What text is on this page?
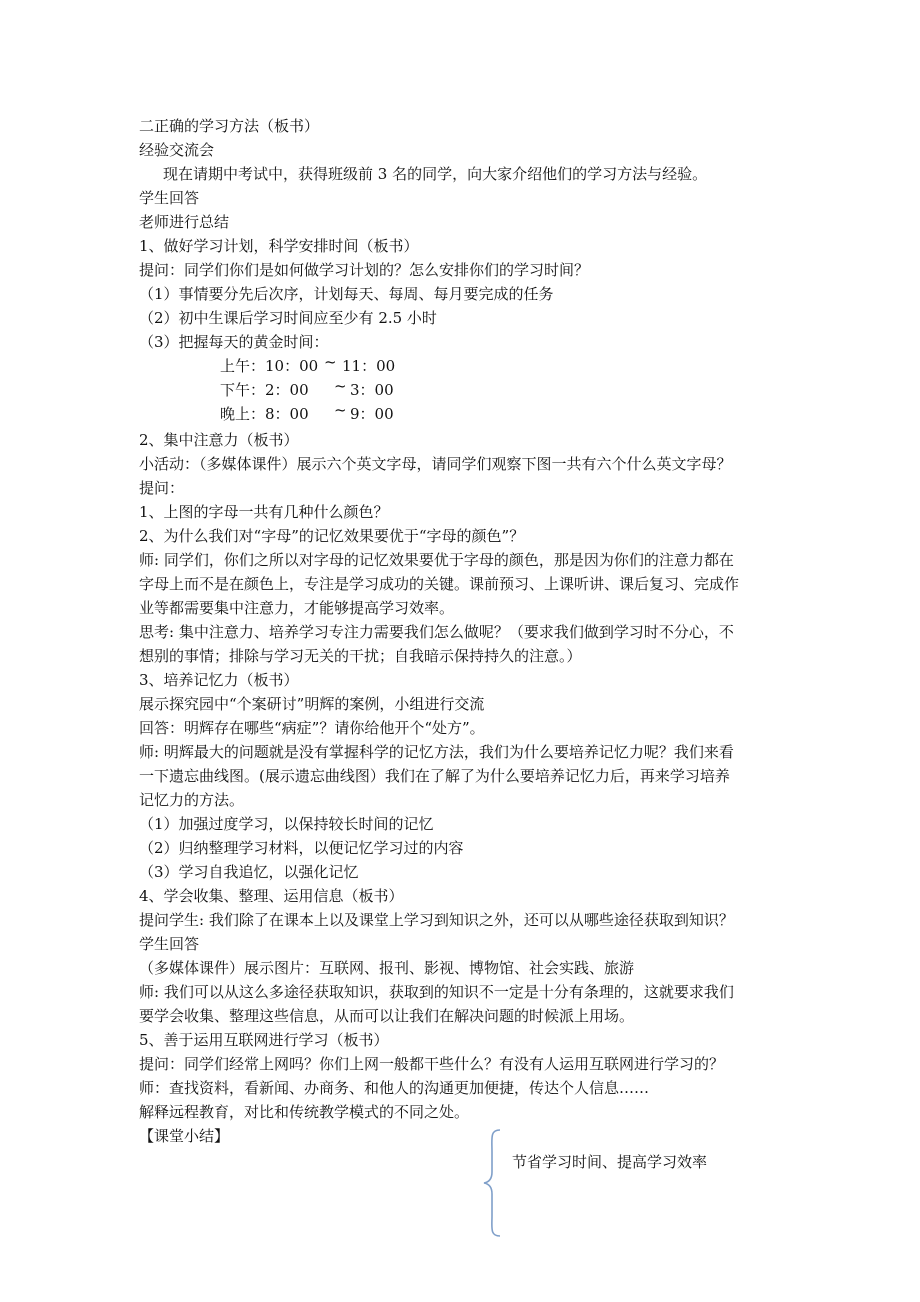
二正确的学习方法（板书）
经验交流会
现在请期中考试中，获得班级前 3 名的同学，向大家介绍他们的学习方法与经验。
学生回答
老师进行总结
1、做好学习计划，科学安排时间（板书）
提问：同学们你们是如何做学习计划的？怎么安排你们的学习时间？
（1）事情要分先后次序，计划每天、每周、每月要完成的任务
（2）初中生课后学习时间应至少有 2.5 小时
（3）把握每天的黄金时间：
2、集中注意力（板书）
小活动：（多媒体课件）展示六个英文字母，请同学们观察下图一共有六个什么英文字母？
提问：
1、上图的字母一共有几种什么颜色？
2、为什么我们对“字母”的记忆效果要优于“字母的颜色”？
师: 同学们，你们之所以对字母的记忆效果要优于字母的颜色，那是因为你们的注意力都在
字母上而不是在颜色上，专注是学习成功的关键。课前预习、上课听讲、课后复习、完成作
业等都需要集中注意力，才能够提高学习效率。
思考: 集中注意力、培养学习专注力需要我们怎么做呢？（要求我们做到学习时不分心，不
想别的事情；排除与学习无关的干扰；自我暗示保持持久的注意。）
3、培养记忆力（板书）
展示探究园中“个案研讨”明辉的案例，小组进行交流
回答：明辉存在哪些“病症”？请你给他开个“处方”。
师: 明辉最大的问题就是没有掌握科学的记忆方法，我们为什么要培养记忆力呢？我们来看
一下遗忘曲线图。(展示遗忘曲线图）我们在了解了为什么要培养记忆力后，再来学习培养
记忆力的方法。
（1）加强过度学习，以保持较长时间的记忆
（2）归纳整理学习材料，以便记忆学习过的内容
（3）学习自我追忆，以强化记忆
4、学会收集、整理、运用信息（板书）
提问学生: 我们除了在课本上以及课堂上学习到知识之外，还可以从哪些途径获取到知识？
学生回答
（多媒体课件）展示图片：互联网、报刊、影视、博物馆、社会实践、旅游
师: 我们可以从这么多途径获取知识，获取到的知识不一定是十分有条理的，这就要求我们
要学会收集、整理这些信息，从而可以让我们在解决问题的时候派上用场。
5、善于运用互联网进行学习（板书）
提问：同学们经常上网吗？你们上网一般都干些什么？有没有人运用互联网进行学习的？
师：查找资料，看新闻、办商务、和他人的沟通更加便捷，传达个人信息……
解释远程教育，对比和传统教学模式的不同之处。
【课堂小结】
上午：10：00 ~ 11：00
下午：2：00 ~ 3：00
晚上：8：00 ~ 9：00
节省学习时间、提高学习效率
